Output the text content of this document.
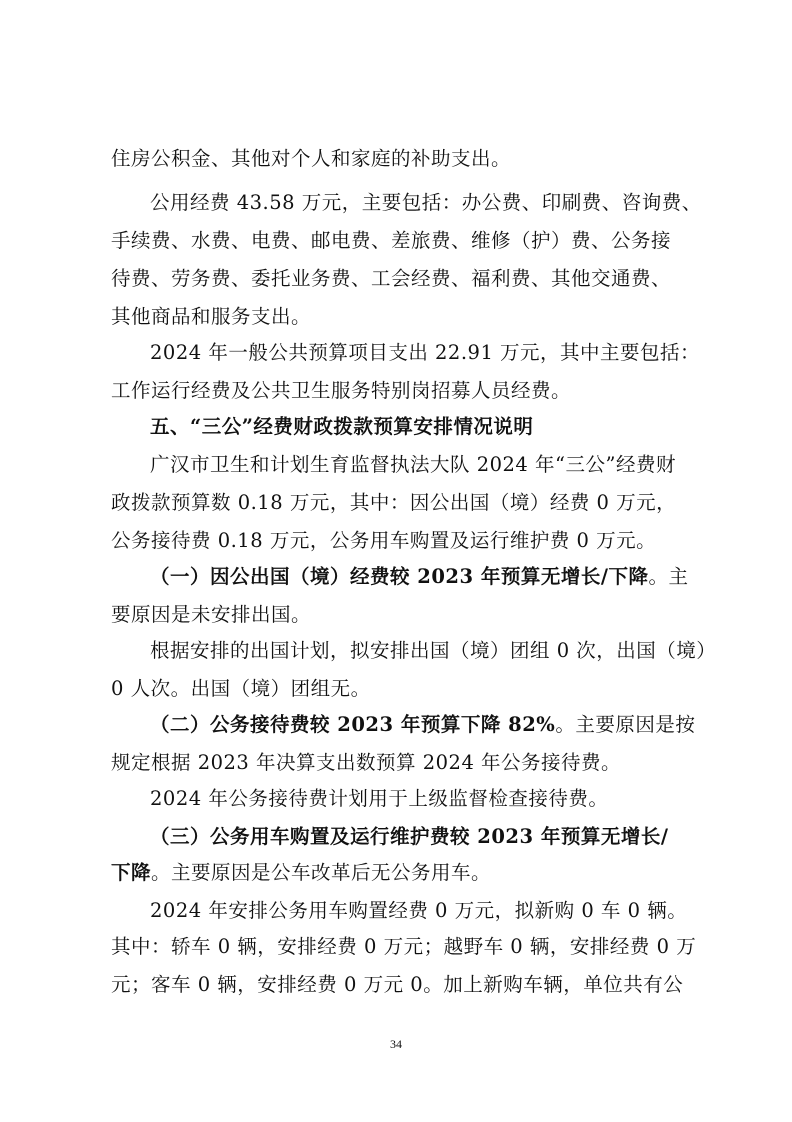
住房公积金、其他对个人和家庭的补助支出。
公用经费 43.58 万元，主要包括：办公费、印刷费、咨询费、
手续费、水费、电费、邮电费、差旅费、维修（护）费、公务接
待费、劳务费、委托业务费、工会经费、福利费、其他交通费、
其他商品和服务支出。
2024 年一般公共预算项目支出 22.91 万元，其中主要包括：
工作运行经费及公共卫生服务特别岗招募人员经费。
五、“三公”经费财政拨款预算安排情况说明
广汉市卫生和计划生育监督执法大队 2024 年“三公”经费财
政拨款预算数 0.18 万元，其中：因公出国（境）经费 0 万元，
公务接待费 0.18 万元，公务用车购置及运行维护费 0 万元。
（一）因公出国（境）经费较 2023 年预算无增长/下降。主
要原因是未安排出国。
根据安排的出国计划，拟安排出国（境）团组 0 次，出国（境）
0 人次。出国（境）团组无。
（二）公务接待费较 2023 年预算下降 82%。主要原因是按
规定根据 2023 年决算支出数预算 2024 年公务接待费。
2024 年公务接待费计划用于上级监督检查接待费。
（三）公务用车购置及运行维护费较 2023 年预算无增长/
下降。主要原因是公车改革后无公务用车。
2024 年安排公务用车购置经费 0 万元，拟新购 0 车 0 辆。
其中：轿车 0 辆，安排经费 0 万元；越野车 0 辆，安排经费 0 万
元；客车 0 辆，安排经费 0 万元 0。加上新购车辆，单位共有公
34
